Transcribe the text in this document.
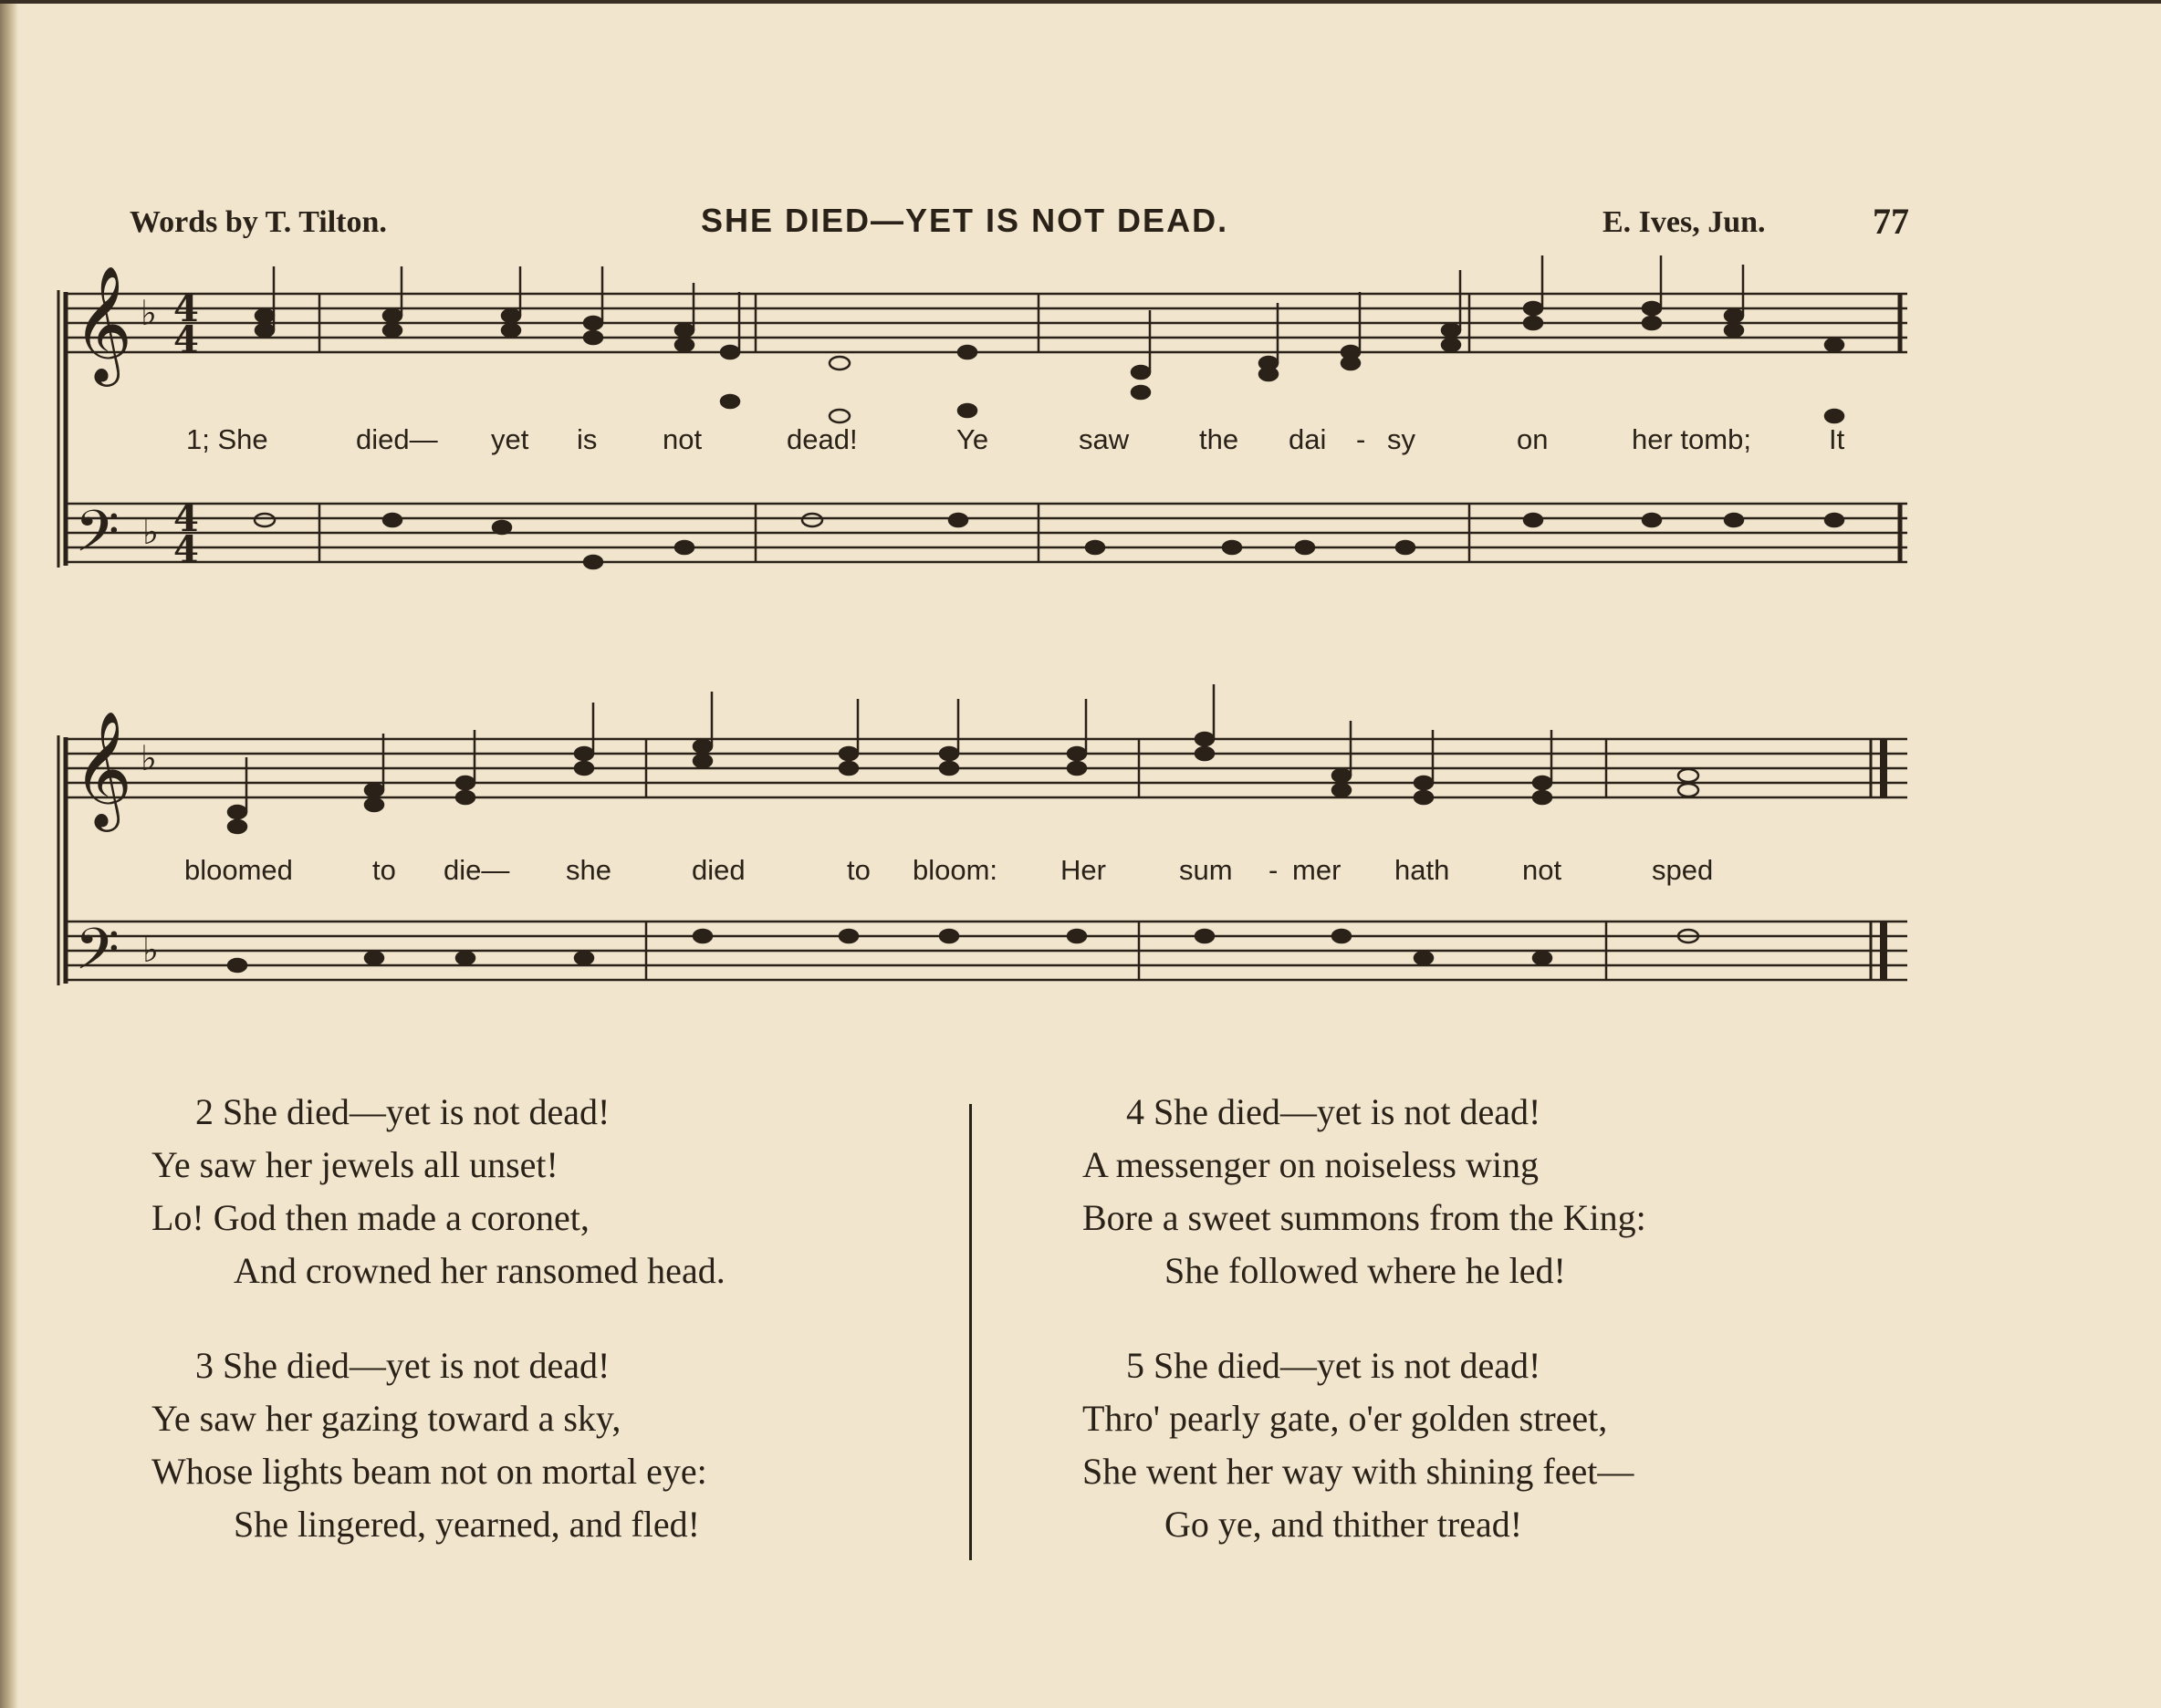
Words by T. Tilton.	SHE DIED—YET IS NOT DEAD.	E. Ives, Jun.	77
𝄞
𝄢
♭
♭
4
4
4
4
1; She	died— yet is not	dead!	Ye	saw the dai - sy	on	her tomb;	It
𝄞
𝄢
♭
♭
bloomed	to die— she	died	to bloom: Her	sum - mer hath	not	sped
2 She died—yet is not dead!
Ye saw her jewels all unset!
Lo! God then made a coronet,
And crowned her ransomed head.
3 She died—yet is not dead!
Ye saw her gazing toward a sky,
Whose lights beam not on mortal eye:
She lingered, yearned, and fled!
4 She died—yet is not dead!
A messenger on noiseless wing
Bore a sweet summons from the King:
She followed where he led!
5 She died—yet is not dead!
Thro' pearly gate, o'er golden street,
She went her way with shining feet—
Go ye, and thither tread!
